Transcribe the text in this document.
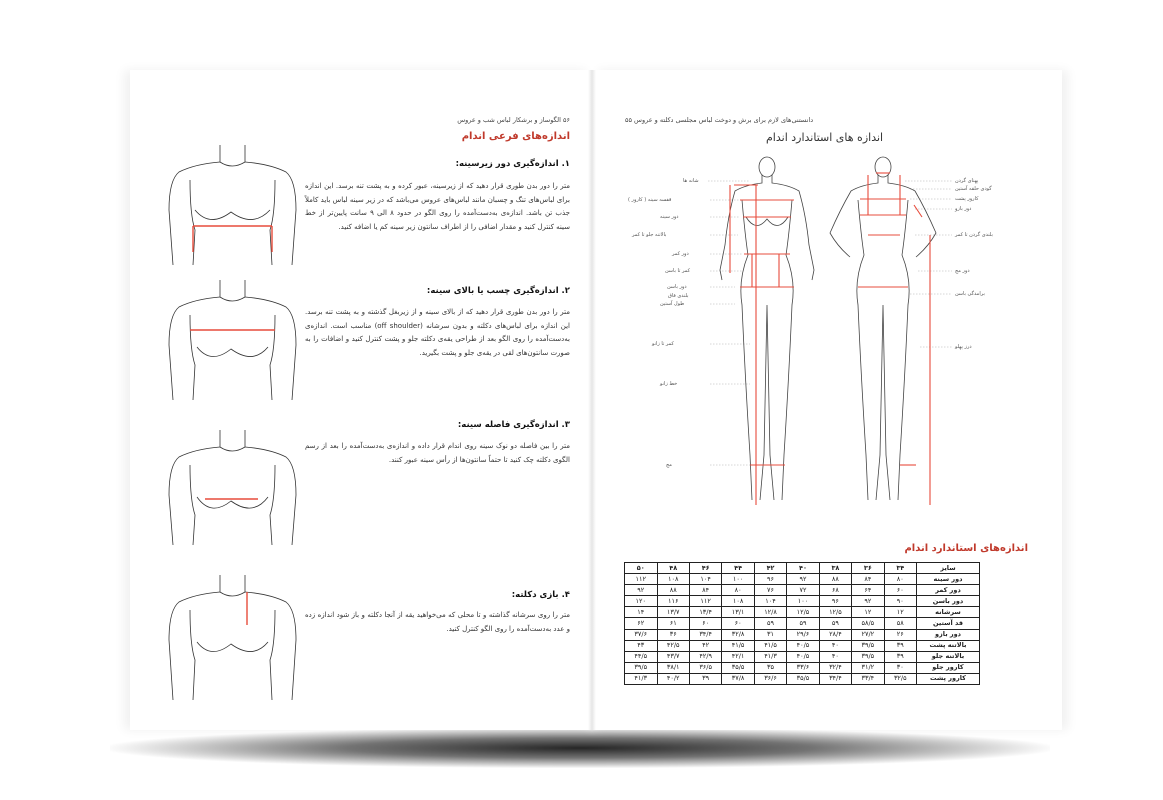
۵۶ الگوساز و برشکار لباس شب و عروس
اندازه‌های فرعی اندام
۱. اندازه‌گیری دور زیرسینه:
متر را دور بدن طوری قرار دهید که از زیرسینه، عبور کرده و به پشت تنه برسد. این اندازه برای لباس‌های تنگ و چسبان مانند لباس‌های عروس می‌باشد که در زیر سینه لباس باید کاملاً جذب تن باشد. اندازه‌ی به‌دست‌آمده را روی الگو در حدود ۸ الی ۹ سانت پایین‌تر از خط سینه کنترل کنید و مقدار اضافی را از اطراف سانتون زیر سینه کم یا اضافه کنید.
۲. اندازه‌گیری چسب یا بالای سینه:
متر را دور بدن طوری قرار دهید که از بالای سینه و از زیربغل گذشته و به پشت تنه برسد. این اندازه برای لباس‌های دکلته و بدون سرشانه (off shoulder) مناسب است. اندازه‌ی به‌دست‌آمده را روی الگو بعد از طراحی یقه‌ی دکلته جلو و پشت کنترل کنید و اضافات را به صورت سانتون‌های لقی در یقه‌ی جلو و پشت بگیرید.
۳. اندازه‌گیری فاصله سینه:
متر را بین فاصله دو نوک سینه روی اندام قرار داده و اندازه‌ی به‌دست‌آمده را بعد از رسم الگوی دکلته چک کنید تا حتماً سانتون‌ها از رأس سینه عبور کنند.
۴. بازی دکلته:
متر را روی سرشانه گذاشته و تا محلی که می‌خواهید یقه از آنجا دکلته و باز شود اندازه زده و عدد به‌دست‌آمده را روی الگو کنترل کنید.
دانستنی‌های لازم برای برش و دوخت لباس مجلسی دکلته و عروس ۵۵
اندازه های استاندارد اندام
شانه ها
قفسه سینه ( کارور )
دور سینه
بالاتنه جلو تا کمر
دور کمر
کمر تا باسن
دور باسن
بلندی فاق
طول آستین
کمر تا زانو
خط زانو
مچ
پهنای گردن
گودی حلقه آستین
کارور پشت
دور بازو
بلندی گردن تا کمر
دور مچ
برامدگی باسن
درز پهلو
اندازه‌های استاندارد اندام
سایز	۳۴	۳۶	۳۸	۴۰	۴۲	۴۴	۴۶	۴۸	۵۰
دور سینه	۸۰	۸۴	۸۸	۹۲	۹۶	۱۰۰	۱۰۴	۱۰۸	۱۱۲
دور کمر	۶۰	۶۴	۶۸	۷۲	۷۶	۸۰	۸۴	۸۸	۹۲
دور باسن	۹۰	۹۲	۹۶	۱۰۰	۱۰۴	۱۰۸	۱۱۲	۱۱۶	۱۲۰
سرشانه	۱۲	۱۲	۱۲/۵	۱۲/۵	۱۲/۸	۱۳/۱	۱۳/۴	۱۳/۷	۱۴
قد آستین	۵۸	۵۸/۵	۵۹	۵۹	۵۹	۶۰	۶۰	۶۱	۶۲
دور بازو	۲۶	۲۷/۲	۲۸/۴	۲۹/۶	۳۱	۳۲/۸	۳۴/۴	۳۶	۳۷/۶
بالاتنه پشت	۳۹	۳۹/۵	۴۰	۴۰/۵	۴۱/۵	۴۱/۵	۴۲	۴۲/۵	۴۳
بالاتنه جلو	۳۹	۳۹/۵	۴۰	۴۰/۵	۴۱/۳	۴۲/۱	۴۲/۹	۴۳/۷	۴۴/۵
کارور جلو	۳۰	۳۱/۲	۳۲/۴	۳۳/۶	۳۵	۳۵/۵	۳۶/۵	۳۸/۱	۳۹/۵
کارور پشت	۳۲/۵	۳۳/۴	۳۴/۴	۳۵/۵	۳۶/۶	۳۷/۸	۳۹	۴۰/۲	۴۱/۳
